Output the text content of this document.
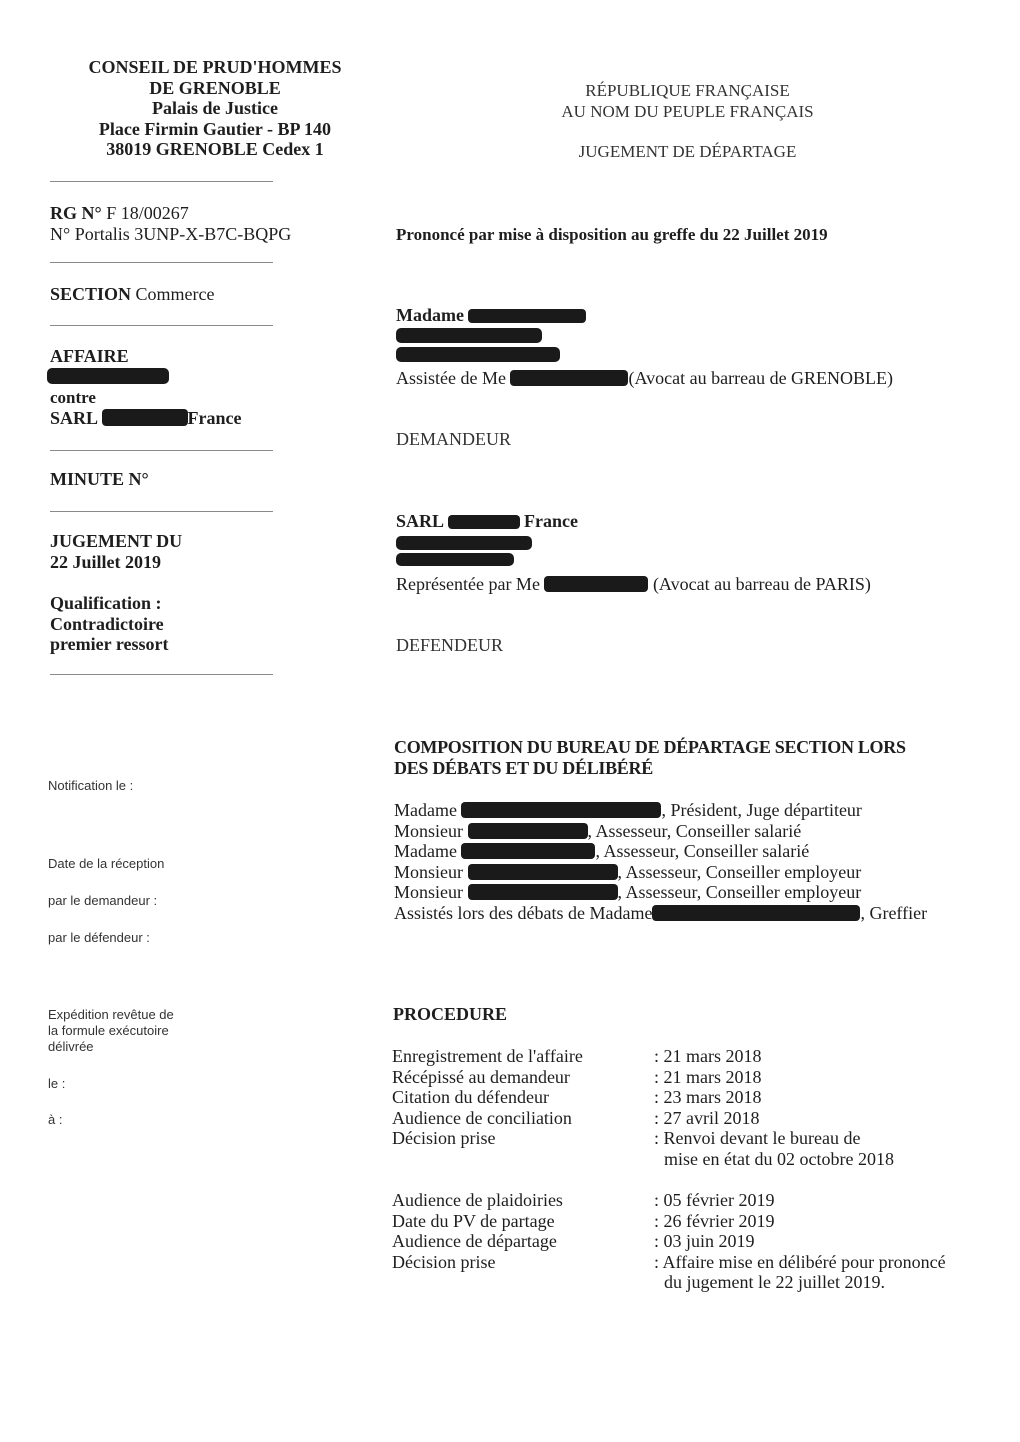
CONSEIL DE PRUD'HOMMES
DE GRENOBLE
Palais de Justice
Place Firmin Gautier - BP 140
38019 GRENOBLE Cedex 1
RG N° F 18/00267
N° Portalis 3UNP-X-B7C-BQPG
SECTION Commerce
AFFAIRE
contre
SARL	France
MINUTE N°
JUGEMENT DU
22 Juillet 2019
Qualification :
Contradictoire
premier ressort
Notification le :
Date de la réception
par le demandeur :
par le défendeur :
Expédition revêtue de
la formule exécutoire
délivrée
le :
à :
RÉPUBLIQUE FRANÇAISE
AU NOM DU PEUPLE FRANÇAIS
JUGEMENT DE DÉPARTAGE
Prononcé par mise à disposition au greffe du 22 Juillet 2019
Madame
Assistée de Me	(Avocat au barreau de GRENOBLE)
DEMANDEUR
SARL	France
Représentée par Me	(Avocat au barreau de PARIS)
DEFENDEUR
COMPOSITION DU BUREAU DE DÉPARTAGE SECTION LORS
DES DÉBATS ET DU DÉLIBÉRÉ
Madame	, Président, Juge départiteur
Monsieur	, Assesseur, Conseiller salarié
Madame	, Assesseur, Conseiller salarié
Monsieur	, Assesseur, Conseiller employeur
Monsieur	, Assesseur, Conseiller employeur
Assistés lors des débats de Madame	, Greffier
PROCEDURE
Enregistrement de l'affaire	: 21 mars 2018
Récépissé au demandeur	: 21 mars 2018
Citation du défendeur	: 23 mars 2018
Audience de conciliation	: 27 avril 2018
Décision prise	: Renvoi devant le bureau de
	mise en état du 02 octobre 2018
Audience de plaidoiries	: 05 février 2019
Date du PV de partage	: 26 février 2019
Audience de départage	: 03 juin 2019
Décision prise	: Affaire mise en délibéré pour prononcé
	du jugement le 22 juillet 2019.
